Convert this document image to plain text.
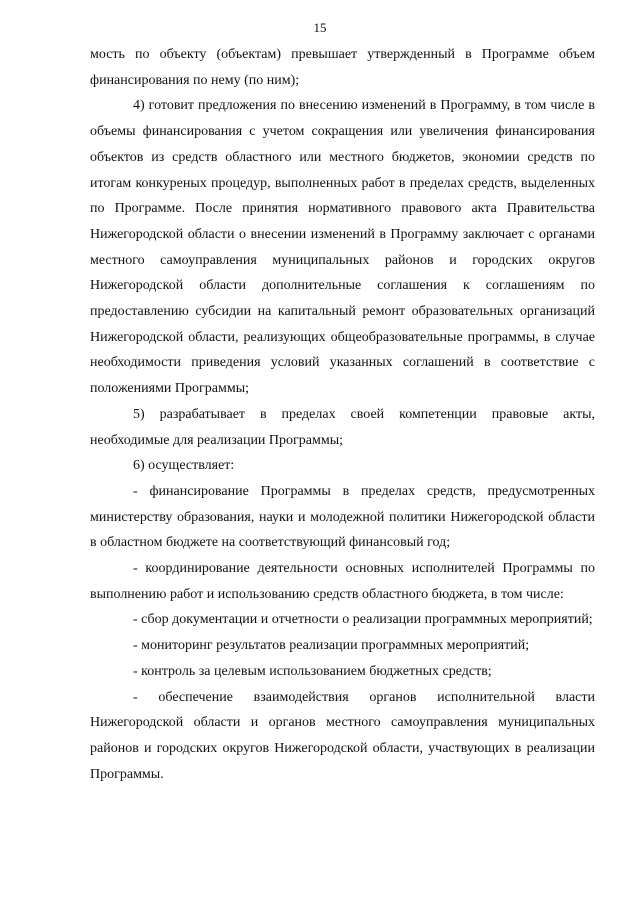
15

мость по объекту (объектам) превышает утвержденный в Программе объем финансирования по нему (по ним);

4) готовит предложения по внесению изменений в Программу, в том числе в объемы финансирования с учетом сокращения или увеличения финансирования объектов из средств областного или местного бюджетов, экономии средств по итогам конкуреных процедур, выполненных работ в пределах средств, выделенных по Программе. После принятия нормативного правового акта Правительства Нижегородской области о внесении изменений в Программу заключает с органами местного самоуправления муниципальных районов и городских округов Нижегородской области дополнительные соглашения к соглашениям по предоставлению субсидии на капитальный ремонт образовательных организаций Нижегородской области, реализующих общеобразовательные программы, в случае необходимости приведения условий указанных соглашений в соответствие с положениями Программы;

5) разрабатывает в пределах своей компетенции правовые акты, необходимые для реализации Программы;

6) осуществляет:

- финансирование Программы в пределах средств, предусмотренных министерству образования, науки и молодежной политики Нижегородской области в областном бюджете на соответствующий финансовый год;

- координирование деятельности основных исполнителей Программы по выполнению работ и использованию средств областного бюджета, в том числе:

- сбор документации и отчетности о реализации программных мероприятий;

- мониторинг результатов реализации программных мероприятий;

- контроль за целевым использованием бюджетных средств;

- обеспечение взаимодействия органов исполнительной власти Нижегородской области и органов местного самоуправления муниципальных районов и городских округов Нижегородской области, участвующих в реализации Программы.
